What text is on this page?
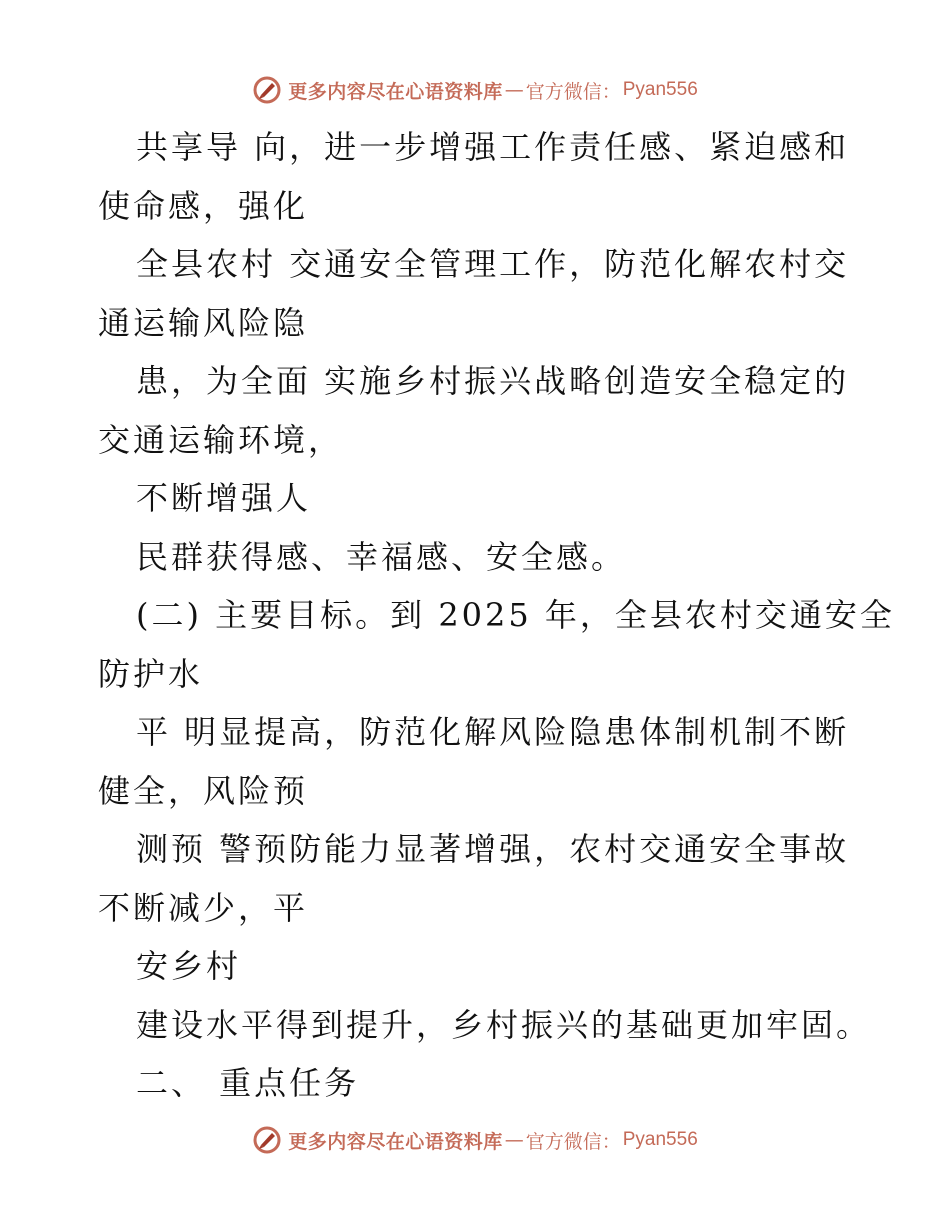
更多内容尽在心语资料库 — 官方微信： Pyan556
共享导 向，进一步增强工作责任感、紧迫感和
使命感，强化
全县农村 交通安全管理工作，防范化解农村交
通运输风险隐
患，为全面 实施乡村振兴战略创造安全稳定的
交通运输环境，
不断增强人
民群获得感、幸福感、安全感。
(二) 主要目标。到 2025 年，全县农村交通安全
防护水
平 明显提高，防范化解风险隐患体制机制不断
健全，风险预
测预 警预防能力显著增强，农村交通安全事故
不断减少，平
安乡村
建设水平得到提升，乡村振兴的基础更加牢固。
二、 重点任务
更多内容尽在心语资料库 — 官方微信： Pyan556
